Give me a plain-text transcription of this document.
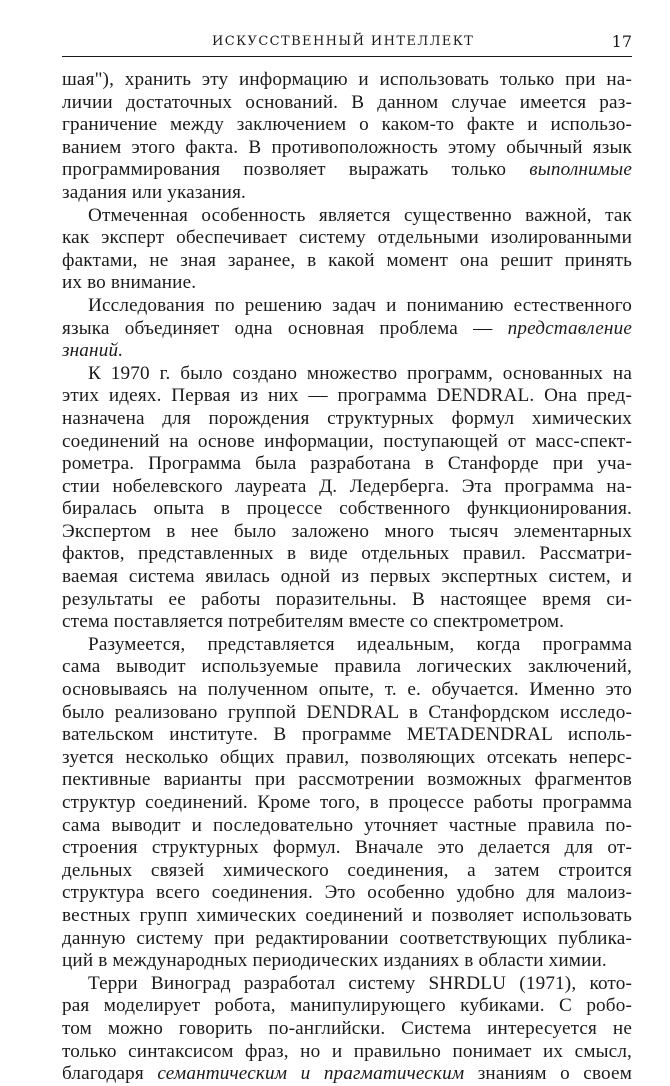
ИСКУССТВЕННЫЙ ИНТЕЛЛЕКТ	17
шая"), хранить эту информацию и использовать только при на-
личии достаточных оснований. В данном случае имеется раз-
граничение между заключением о каком-то факте и использо-
ванием этого факта. В противоположность этому обычный язык
программирования позволяет выражать только выполнимые
задания или указания.
Отмеченная особенность является существенно важной, так
как эксперт обеспечивает систему отдельными изолированными
фактами, не зная заранее, в какой момент она решит принять
их во внимание.
Исследования по решению задач и пониманию естественного
языка объединяет одна основная проблема — представление
знаний.
К 1970 г. было создано множество программ, основанных на
этих идеях. Первая из них — программа DENDRAL. Она пред-
назначена для порождения структурных формул химических
соединений на основе информации, поступающей от масс-спект-
рометра. Программа была разработана в Станфорде при уча-
стии нобелевского лауреата Д. Ледерберга. Эта программа на-
биралась опыта в процессе собственного функционирования.
Экспертом в нее было заложено много тысяч элементарных
фактов, представленных в виде отдельных правил. Рассматри-
ваемая система явилась одной из первых экспертных систем, и
результаты ее работы поразительны. В настоящее время си-
стема поставляется потребителям вместе со спектрометром.
Разумеется, представляется идеальным, когда программа
сама выводит используемые правила логических заключений,
основываясь на полученном опыте, т. е. обучается. Именно это
было реализовано группой DENDRAL в Станфордском исследо-
вательском институте. В программе METADENDRAL исполь-
зуется несколько общих правил, позволяющих отсекать неперс-
пективные варианты при рассмотрении возможных фрагментов
структур соединений. Кроме того, в процессе работы программа
сама выводит и последовательно уточняет частные правила по-
строения структурных формул. Вначале это делается для от-
дельных связей химического соединения, а затем строится
структура всего соединения. Это особенно удобно для малоиз-
вестных групп химических соединений и позволяет использовать
данную систему при редактировании соответствующих публика-
ций в международных периодических изданиях в области химии.
Терри Виноград разработал систему SHRDLU (1971), кото-
рая моделирует робота, манипулирующего кубиками. С робо-
том можно говорить по-английски. Система интересуется не
только синтаксисом фраз, но и правильно понимает их смысл,
благодаря семантическим и прагматическим знаниям о своем
